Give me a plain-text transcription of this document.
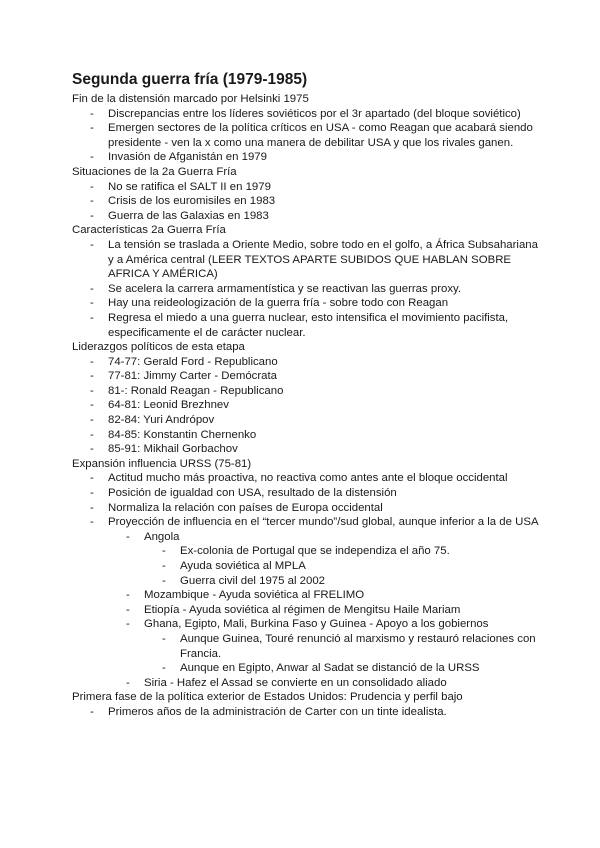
Segunda guerra fría (1979-1985)
Fin de la distensión marcado por Helsinki 1975
- Discrepancias entre los líderes soviéticos por el 3r apartado (del bloque soviético)
- Emergen sectores de la política críticos en USA - como Reagan que acabará siendo presidente - ven la x como una manera de debilitar USA y que los rivales ganen.
- Invasión de Afganistán en 1979
Situaciones de la 2a Guerra Fría
- No se ratifica el SALT II en 1979
- Crisis de los euromisiles en 1983
- Guerra de las Galaxias en 1983
Características 2a Guerra Fría
- La tensión se traslada a Oriente Medio, sobre todo en el golfo, a África Subsahariana y a América central (LEER TEXTOS APARTE SUBIDOS QUE HABLAN SOBRE AFRICA Y AMÉRICA)
- Se acelera la carrera armamentística y se reactivan las guerras proxy.
- Hay una reideologización de la guerra fría - sobre todo con Reagan
- Regresa el miedo a una guerra nuclear, esto intensifica el movimiento pacifista, especificamente el de carácter nuclear.
Liderazgos políticos de esta etapa
- 74-77: Gerald Ford - Republicano
- 77-81: Jimmy Carter - Demócrata
- 81-: Ronald Reagan - Republicano
- 64-81: Leonid Brezhnev
- 82-84: Yuri Andrópov
- 84-85: Konstantin Chernenko
- 85-91: Mikhail Gorbachov
Expansión influencia URSS (75-81)
- Actitud mucho más proactiva, no reactiva como antes ante el bloque occidental
- Posición de igualdad con USA, resultado de la distensión
- Normaliza la relación con países de Europa occidental
- Proyección de influencia en el “tercer mundo”/sud global, aunque inferior a la de USA
- Angola
- Ex-colonia de Portugal que se independiza el año 75.
- Ayuda soviética al MPLA
- Guerra civil del 1975 al 2002
- Mozambique - Ayuda soviética al FRELIMO
- Etiopía - Ayuda soviética al régimen de Mengitsu Haile Mariam
- Ghana, Egipto, Mali, Burkina Faso y Guinea - Apoyo a los gobiernos
- Aunque Guinea, Touré renunció al marxismo y restauró relaciones con Francia.
- Aunque en Egipto, Anwar al Sadat se distanció de la URSS
- Siria - Hafez el Assad se convierte en un consolidado aliado
Primera fase de la política exterior de Estados Unidos: Prudencia y perfil bajo
- Primeros años de la administración de Carter con un tinte idealista.
